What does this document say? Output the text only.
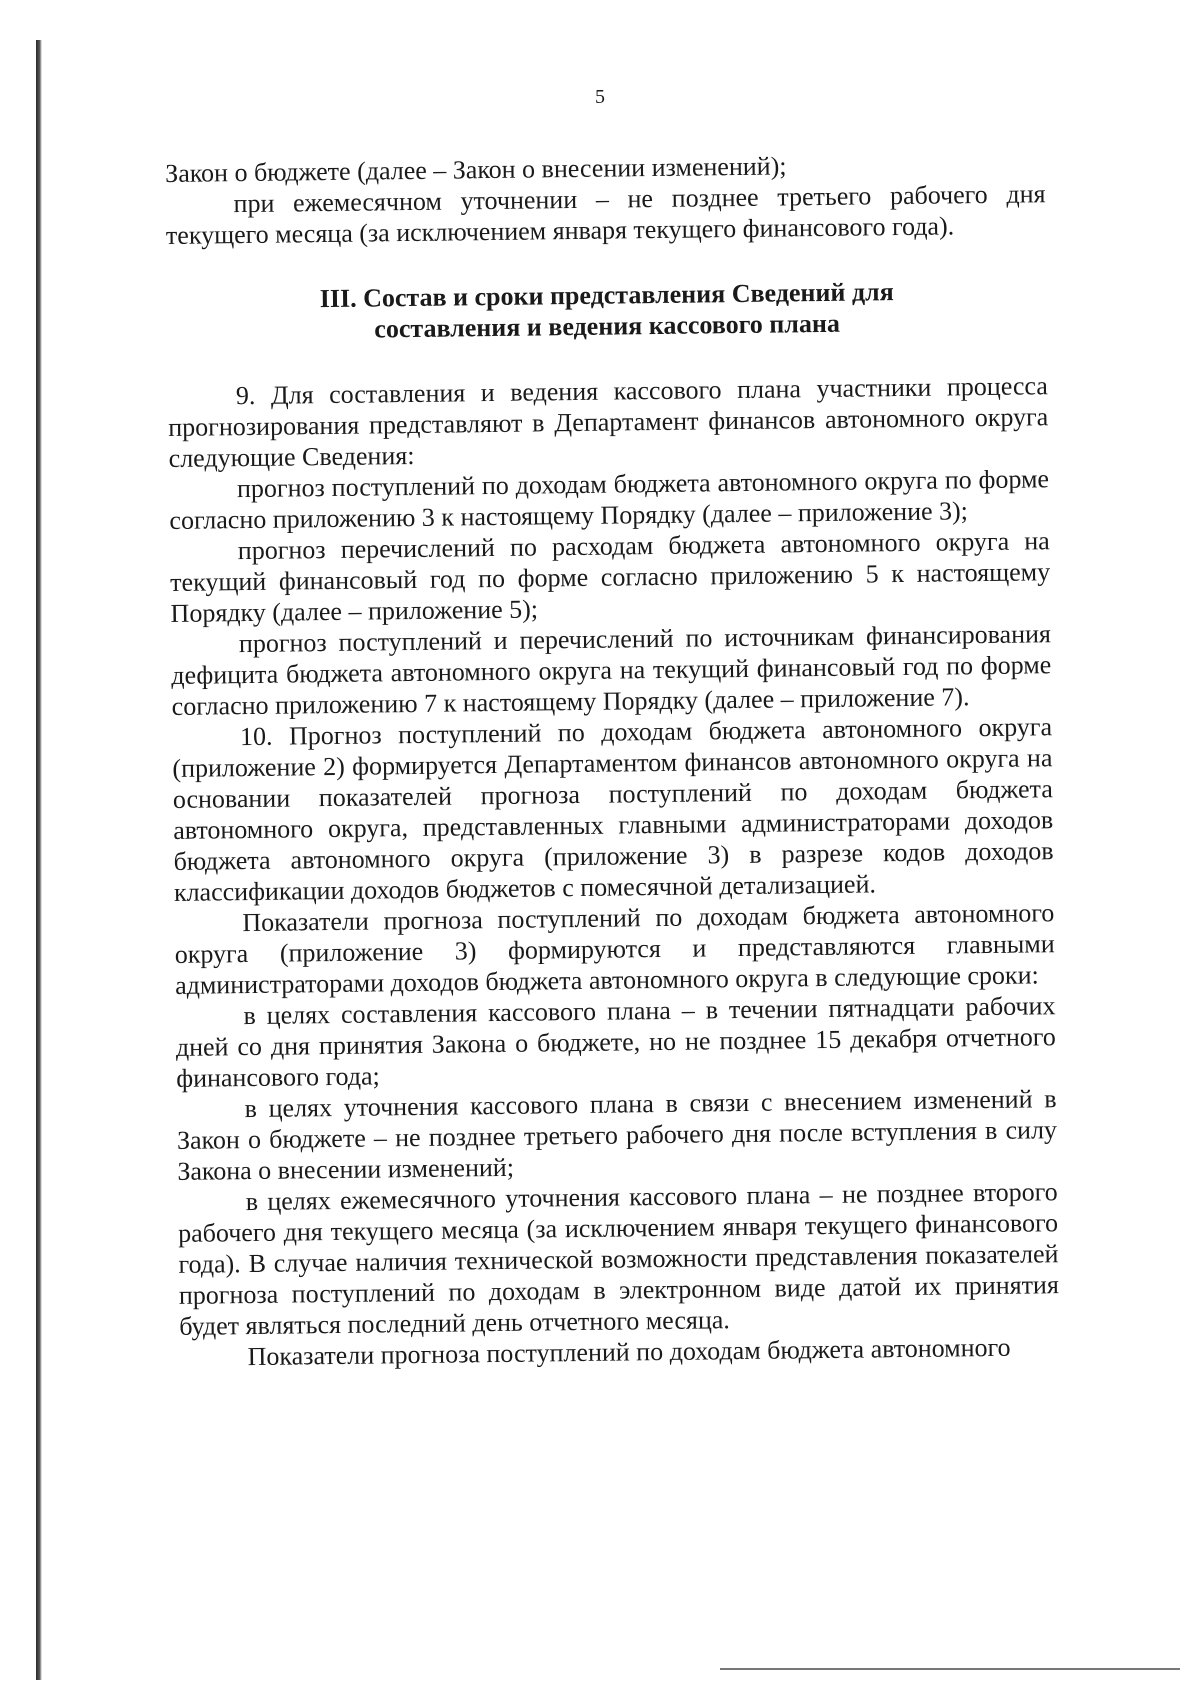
5

Закон о бюджете (далее – Закон о внесении изменений);

при ежемесячном уточнении – не позднее третьего рабочего дня текущего месяца (за исключением января текущего финансового года).

III. Состав и сроки представления Сведений для
составления и ведения кассового плана

9. Для составления и ведения кассового плана участники процесса прогнозирования представляют в Департамент финансов автономного округа следующие Сведения:

прогноз поступлений по доходам бюджета автономного округа по форме согласно приложению 3 к настоящему Порядку (далее – приложение 3);

прогноз перечислений по расходам бюджета автономного округа на текущий финансовый год по форме согласно приложению 5 к настоящему Порядку (далее – приложение 5);

прогноз поступлений и перечислений по источникам финансирования дефицита бюджета автономного округа на текущий финансовый год по форме согласно приложению 7 к настоящему Порядку (далее – приложение 7).

10. Прогноз поступлений по доходам бюджета автономного округа (приложение 2) формируется Департаментом финансов автономного округа на основании показателей прогноза поступлений по доходам бюджета автономного округа, представленных главными администраторами доходов бюджета автономного округа (приложение 3) в разрезе кодов доходов классификации доходов бюджетов с помесячной детализацией.

Показатели прогноза поступлений по доходам бюджета автономного округа (приложение 3) формируются и представляются главными администраторами доходов бюджета автономного округа в следующие сроки:

в целях составления кассового плана – в течении пятнадцати рабочих дней со дня принятия Закона о бюджете, но не позднее 15 декабря отчетного финансового года;

в целях уточнения кассового плана в связи с внесением изменений в Закон о бюджете – не позднее третьего рабочего дня после вступления в силу Закона о внесении изменений;

в целях ежемесячного уточнения кассового плана – не позднее второго рабочего дня текущего месяца (за исключением января текущего финансового года). В случае наличия технической возможности представления показателей прогноза поступлений по доходам в электронном виде датой их принятия будет являться последний день отчетного месяца.

Показатели прогноза поступлений по доходам бюджета автономного
